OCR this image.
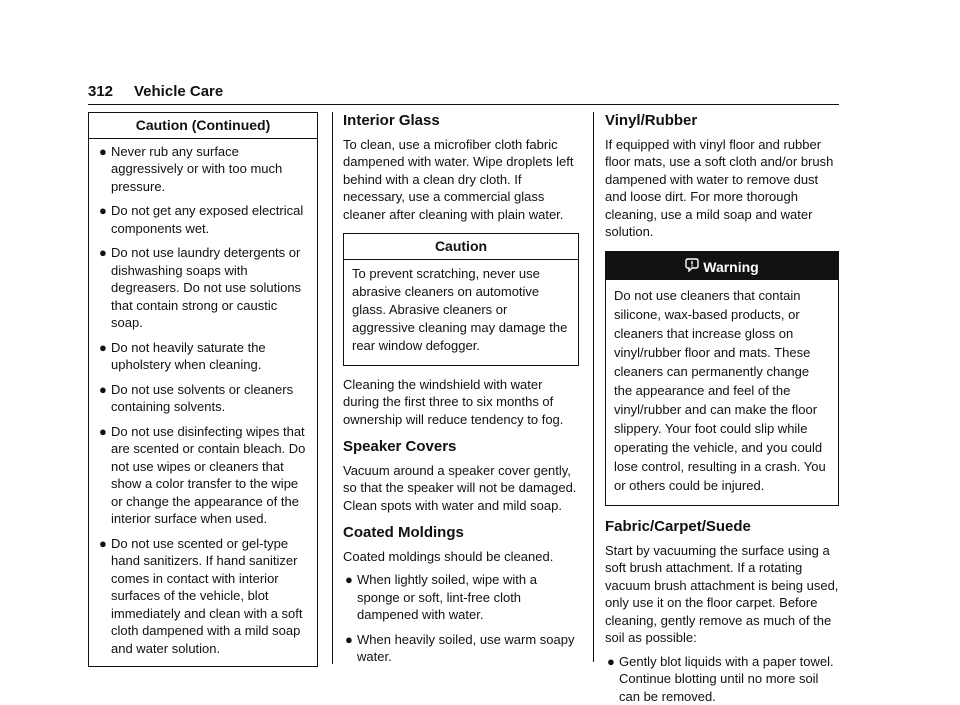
312 Vehicle Care
Caution (Continued)
● Never rub any surface aggressively or with too much pressure.
● Do not get any exposed electrical components wet.
● Do not use laundry detergents or dishwashing soaps with degreasers. Do not use solutions that contain strong or caustic soap.
● Do not heavily saturate the upholstery when cleaning.
● Do not use solvents or cleaners containing solvents.
● Do not use disinfecting wipes that are scented or contain bleach. Do not use wipes or cleaners that show a color transfer to the wipe or change the appearance of the interior surface when used.
● Do not use scented or gel-type hand sanitizers. If hand sanitizer comes in contact with interior surfaces of the vehicle, blot immediately and clean with a soft cloth dampened with a mild soap and water solution.
Interior Glass

To clean, use a microfiber cloth fabric dampened with water. Wipe droplets left behind with a clean dry cloth. If necessary, use a commercial glass cleaner after cleaning with plain water.

Caution
To prevent scratching, never use abrasive cleaners on automotive glass. Abrasive cleaners or aggressive cleaning may damage the rear window defogger.

Cleaning the windshield with water during the first three to six months of ownership will reduce tendency to fog.

Speaker Covers

Vacuum around a speaker cover gently, so that the speaker will not be damaged. Clean spots with water and mild soap.

Coated Moldings

Coated moldings should be cleaned.

● When lightly soiled, wipe with a sponge or soft, lint-free cloth dampened with water.
● When heavily soiled, use warm soapy water.
Vinyl/Rubber

If equipped with vinyl floor and rubber floor mats, use a soft cloth and/or brush dampened with water to remove dust and loose dirt. For more thorough cleaning, use a mild soap and water solution.

Warning
Do not use cleaners that contain silicone, wax-based products, or cleaners that increase gloss on vinyl/rubber floor and mats. These cleaners can permanently change the appearance and feel of the vinyl/rubber and can make the floor slippery. Your foot could slip while operating the vehicle, and you could lose control, resulting in a crash. You or others could be injured.
Fabric/Carpet/Suede

Start by vacuuming the surface using a soft brush attachment. If a rotating vacuum brush attachment is being used, only use it on the floor carpet. Before cleaning, gently remove as much of the soil as possible:

● Gently blot liquids with a paper towel. Continue blotting until no more soil can be removed.
